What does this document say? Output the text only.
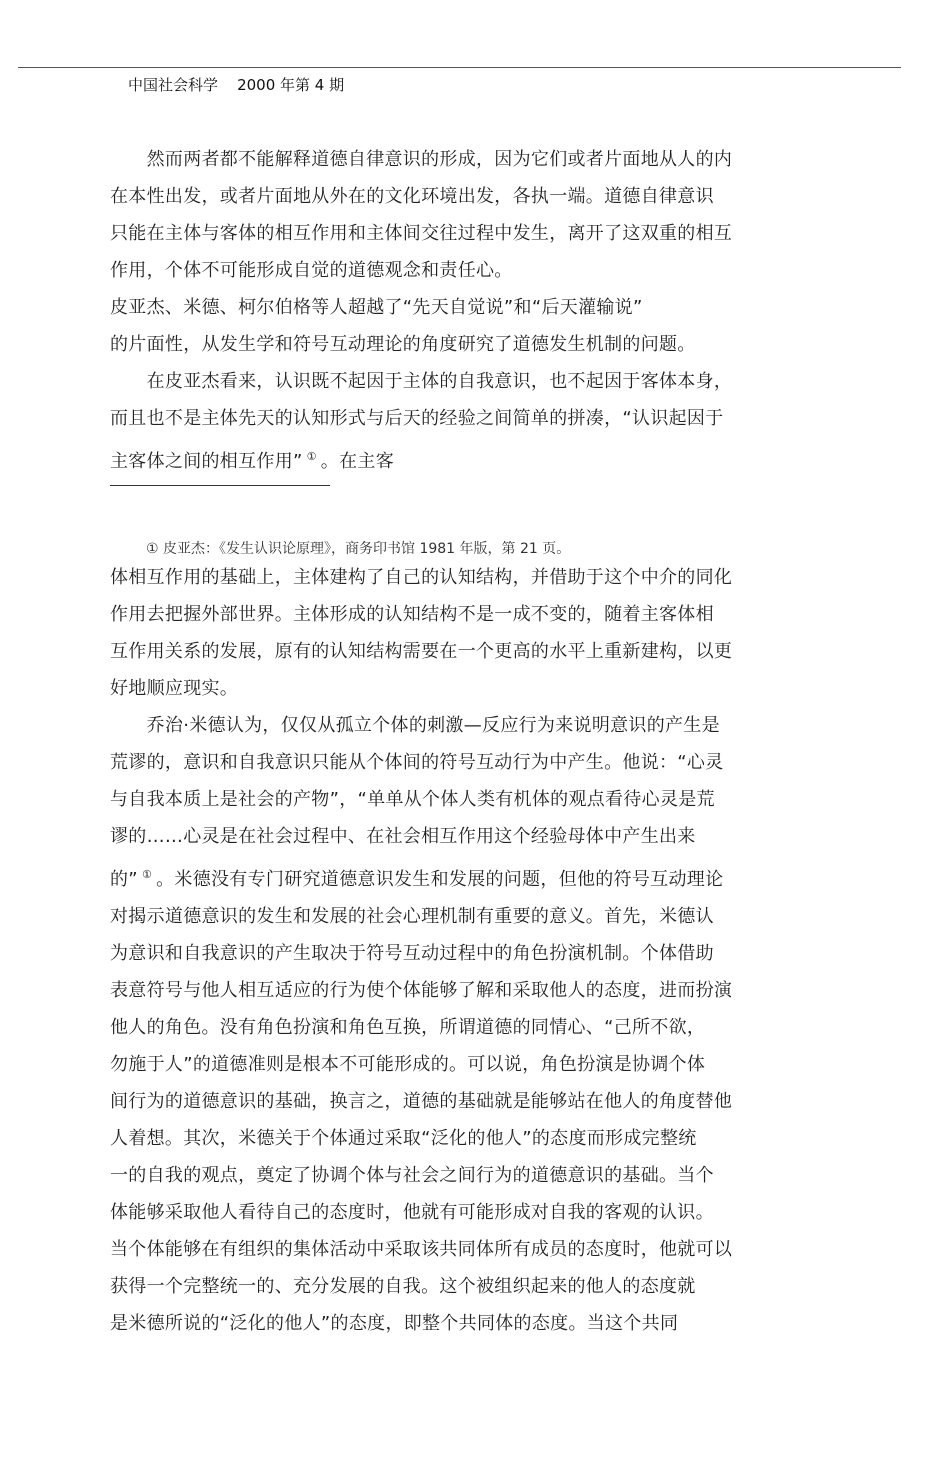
中国社会科学 2000 年第 4 期
　　然而两者都不能解释道德自律意识的形成，因为它们或者片面地从人的内
在本性出发，或者片面地从外在的文化环境出发，各执一端。道德自律意识
只能在主体与客体的相互作用和主体间交往过程中发生，离开了这双重的相互
作用，个体不可能形成自觉的道德观念和责任心。
皮亚杰、米德、柯尔伯格等人超越了“先天自觉说”和“后天灌输说”
的片面性，从发生学和符号互动理论的角度研究了道德发生机制的问题。
　　在皮亚杰看来，认识既不起因于主体的自我意识，也不起因于客体本身，
而且也不是主体先天的认知形式与后天的经验之间简单的拼凑，“认识起因于
主客体之间的相互作用” ① 。在主客
① 皮亚杰：《发生认识论原理》，商务印书馆 1981 年版，第 21 页。
体相互作用的基础上，主体建构了自己的认知结构，并借助于这个中介的同化
作用去把握外部世界。主体形成的认知结构不是一成不变的，随着主客体相
互作用关系的发展，原有的认知结构需要在一个更高的水平上重新建构，以更
好地顺应现实。
　　乔治·米德认为，仅仅从孤立个体的刺激—反应行为来说明意识的产生是
荒谬的，意识和自我意识只能从个体间的符号互动行为中产生。他说：“心灵
与自我本质上是社会的产物”，“单单从个体人类有机体的观点看待心灵是荒
谬的……心灵是在社会过程中、在社会相互作用这个经验母体中产生出来
的” ① 。米德没有专门研究道德意识发生和发展的问题，但他的符号互动理论
对揭示道德意识的发生和发展的社会心理机制有重要的意义。首先，米德认
为意识和自我意识的产生取决于符号互动过程中的角色扮演机制。个体借助
表意符号与他人相互适应的行为使个体能够了解和采取他人的态度，进而扮演
他人的角色。没有角色扮演和角色互换，所谓道德的同情心、“己所不欲，
勿施于人”的道德准则是根本不可能形成的。可以说，角色扮演是协调个体
间行为的道德意识的基础，换言之，道德的基础就是能够站在他人的角度替他
人着想。其次，米德关于个体通过采取“泛化的他人”的态度而形成完整统
一的自我的观点，奠定了协调个体与社会之间行为的道德意识的基础。当个
体能够采取他人看待自己的态度时，他就有可能形成对自我的客观的认识。
当个体能够在有组织的集体活动中采取该共同体所有成员的态度时，他就可以
获得一个完整统一的、充分发展的自我。这个被组织起来的他人的态度就
是米德所说的“泛化的他人”的态度，即整个共同体的态度。当这个共同
